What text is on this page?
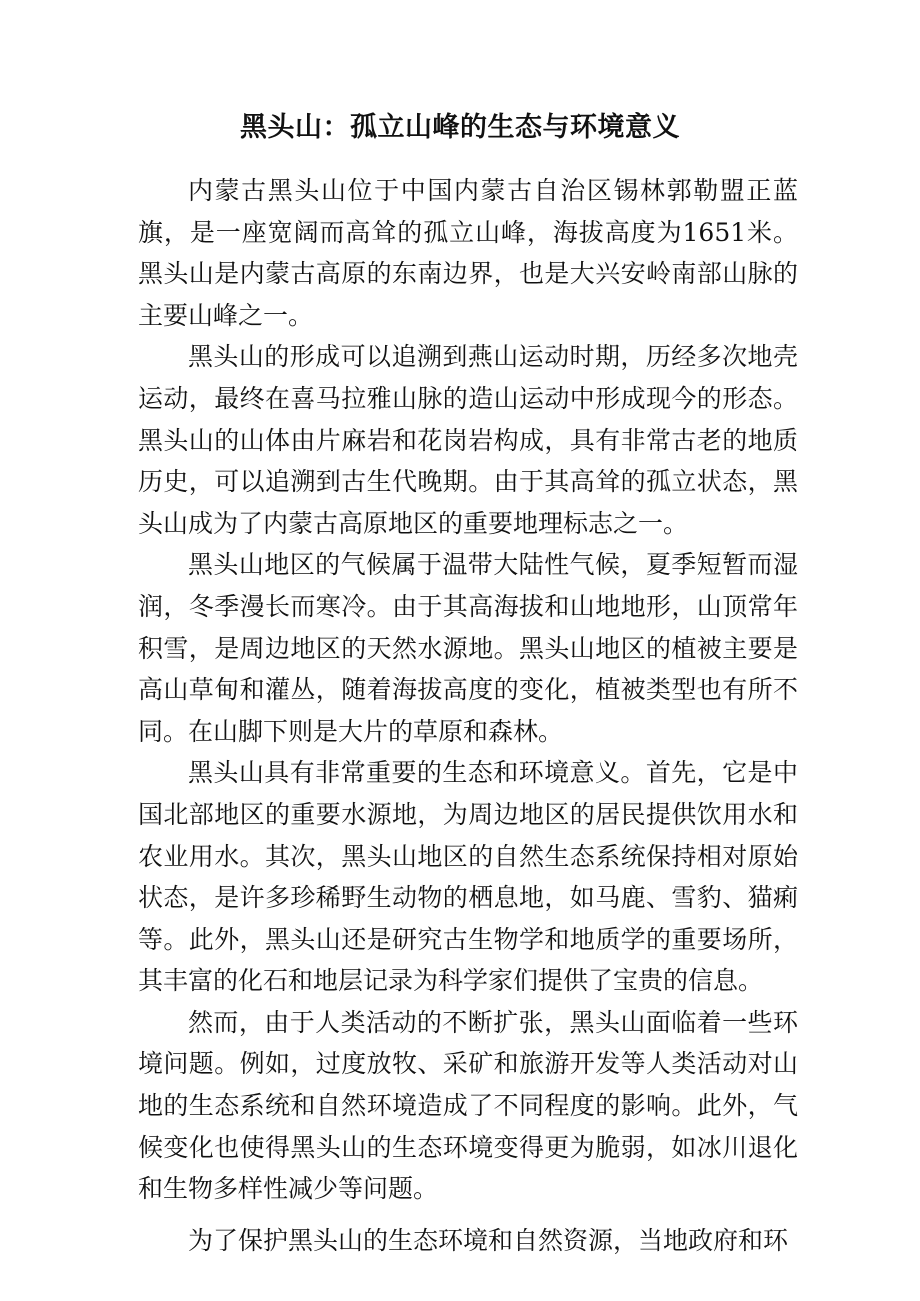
黑头山：孤立山峰的生态与环境意义

内蒙古黑头山位于中国内蒙古自治区锡林郭勒盟正蓝旗，是一座宽阔而高耸的孤立山峰，海拔高度为1651米。黑头山是内蒙古高原的东南边界，也是大兴安岭南部山脉的主要山峰之一。

黑头山的形成可以追溯到燕山运动时期，历经多次地壳运动，最终在喜马拉雅山脉的造山运动中形成现今的形态。黑头山的山体由片麻岩和花岗岩构成，具有非常古老的地质历史，可以追溯到古生代晚期。由于其高耸的孤立状态，黑头山成为了内蒙古高原地区的重要地理标志之一。

黑头山地区的气候属于温带大陆性气候，夏季短暂而湿润，冬季漫长而寒冷。由于其高海拔和山地地形，山顶常年积雪，是周边地区的天然水源地。黑头山地区的植被主要是高山草甸和灌丛，随着海拔高度的变化，植被类型也有所不同。在山脚下则是大片的草原和森林。

黑头山具有非常重要的生态和环境意义。首先，它是中国北部地区的重要水源地，为周边地区的居民提供饮用水和农业用水。其次，黑头山地区的自然生态系统保持相对原始状态，是许多珍稀野生动物的栖息地，如马鹿、雪豹、猫痢等。此外，黑头山还是研究古生物学和地质学的重要场所，其丰富的化石和地层记录为科学家们提供了宝贵的信息。

然而，由于人类活动的不断扩张，黑头山面临着一些环境问题。例如，过度放牧、采矿和旅游开发等人类活动对山地的生态系统和自然环境造成了不同程度的影响。此外，气候变化也使得黑头山的生态环境变得更为脆弱，如冰川退化和生物多样性减少等问题。

为了保护黑头山的生态环境和自然资源，当地政府和环
